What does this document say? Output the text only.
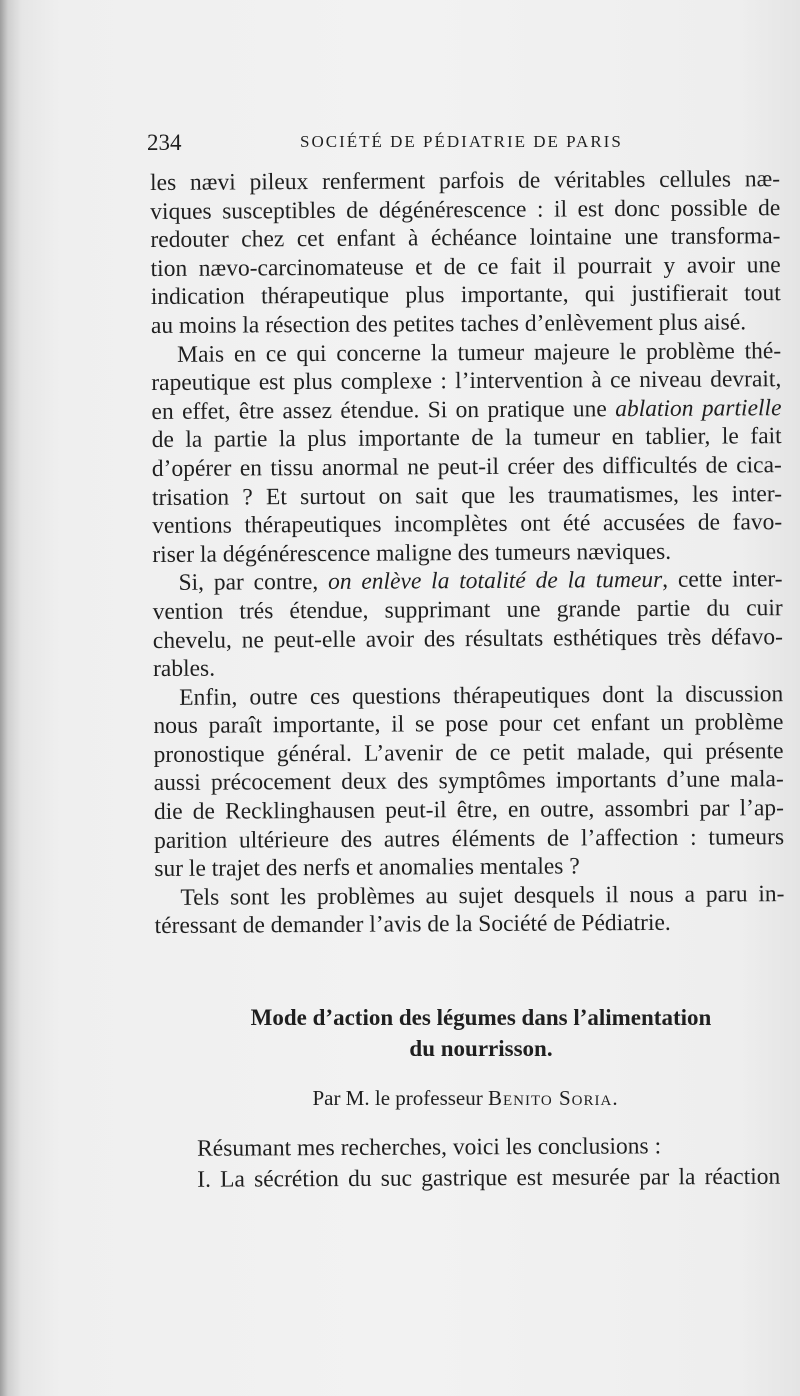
234	SOCIÉTÉ DE PÉDIATRIE DE PARIS
les nævi pileux renferment parfois de véritables cellules næ-
viques susceptibles de dégénérescence : il est donc possible de
redouter chez cet enfant à échéance lointaine une transforma-
tion nævo-carcinomateuse et de ce fait il pourrait y avoir une
indication thérapeutique plus importante, qui justifierait tout
au moins la résection des petites taches d’enlèvement plus aisé.
Mais en ce qui concerne la tumeur majeure le problème thé-
rapeutique est plus complexe : l’intervention à ce niveau devrait,
en effet, être assez étendue. Si on pratique une ablation partielle
de la partie la plus importante de la tumeur en tablier, le fait
d’opérer en tissu anormal ne peut-il créer des difficultés de cica-
trisation ? Et surtout on sait que les traumatismes, les inter-
ventions thérapeutiques incomplètes ont été accusées de favo-
riser la dégénérescence maligne des tumeurs næviques.
Si, par contre, on enlève la totalité de la tumeur, cette inter-
vention trés étendue, supprimant une grande partie du cuir
chevelu, ne peut-elle avoir des résultats esthétiques très défavo-
rables.
Enfin, outre ces questions thérapeutiques dont la discussion
nous paraît importante, il se pose pour cet enfant un problème
pronostique général. L’avenir de ce petit malade, qui présente
aussi précocement deux des symptômes importants d’une mala-
die de Recklinghausen peut-il être, en outre, assombri par l’ap-
parition ultérieure des autres éléments de l’affection : tumeurs
sur le trajet des nerfs et anomalies mentales ?
Tels sont les problèmes au sujet desquels il nous a paru in-
téressant de demander l’avis de la Société de Pédiatrie.
Mode d’action des légumes dans l’alimentation
du nourrisson.
Par M. le professeur Benito Soria.
Résumant mes recherches, voici les conclusions :
I. La sécrétion du suc gastrique est mesurée par la réaction
